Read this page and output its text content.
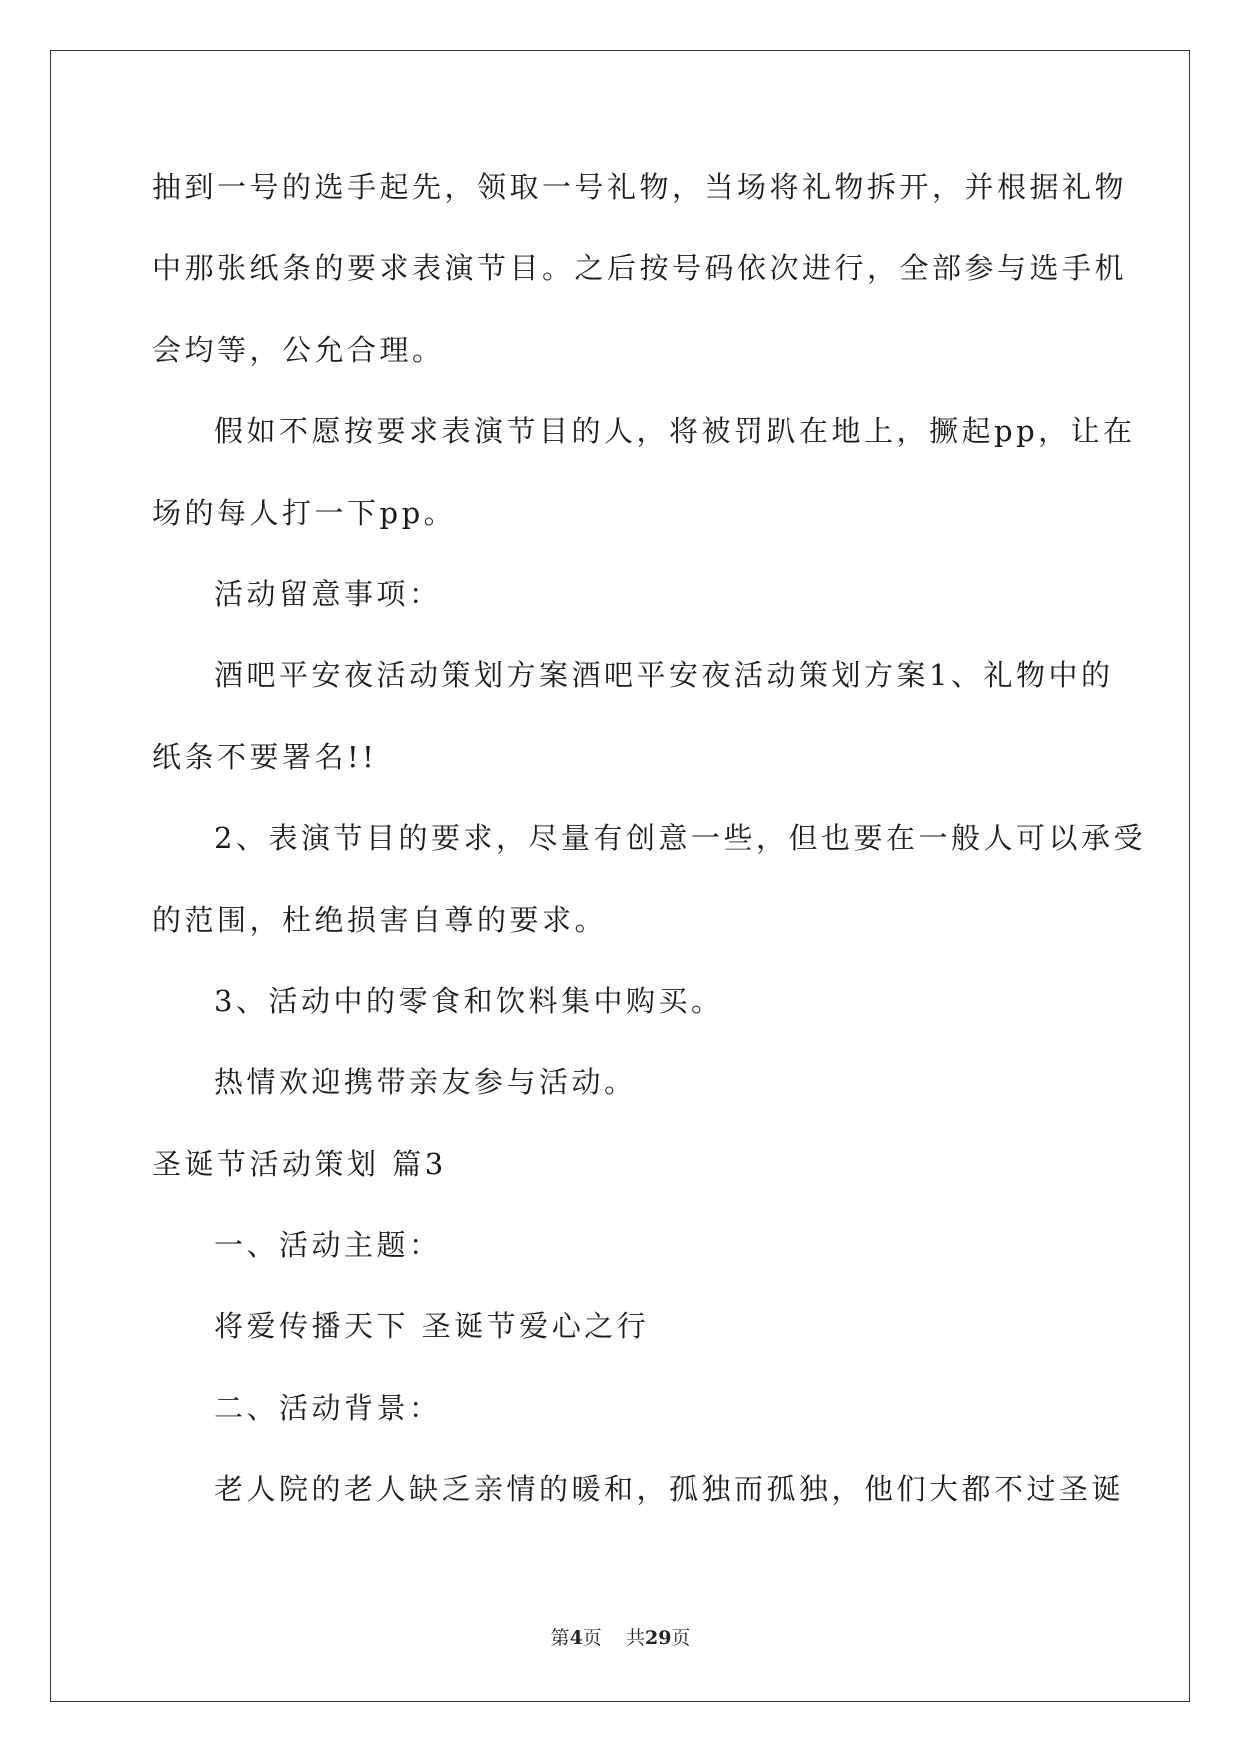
抽到一号的选手起先，领取一号礼物，当场将礼物拆开，并根据礼物
中那张纸条的要求表演节目。之后按号码依次进行，全部参与选手机
会均等，公允合理。
假如不愿按要求表演节目的人，将被罚趴在地上，撅起pp，让在
场的每人打一下pp。
活动留意事项：
酒吧平安夜活动策划方案酒吧平安夜活动策划方案1、礼物中的
纸条不要署名!!
2、表演节目的要求，尽量有创意一些，但也要在一般人可以承受
的范围，杜绝损害自尊的要求。
3、活动中的零食和饮料集中购买。
热情欢迎携带亲友参与活动。
圣诞节活动策划 篇3
一、活动主题：
将爱传播天下 圣诞节爱心之行
二、活动背景：
老人院的老人缺乏亲情的暖和，孤独而孤独，他们大都不过圣诞
第4页    共29页
